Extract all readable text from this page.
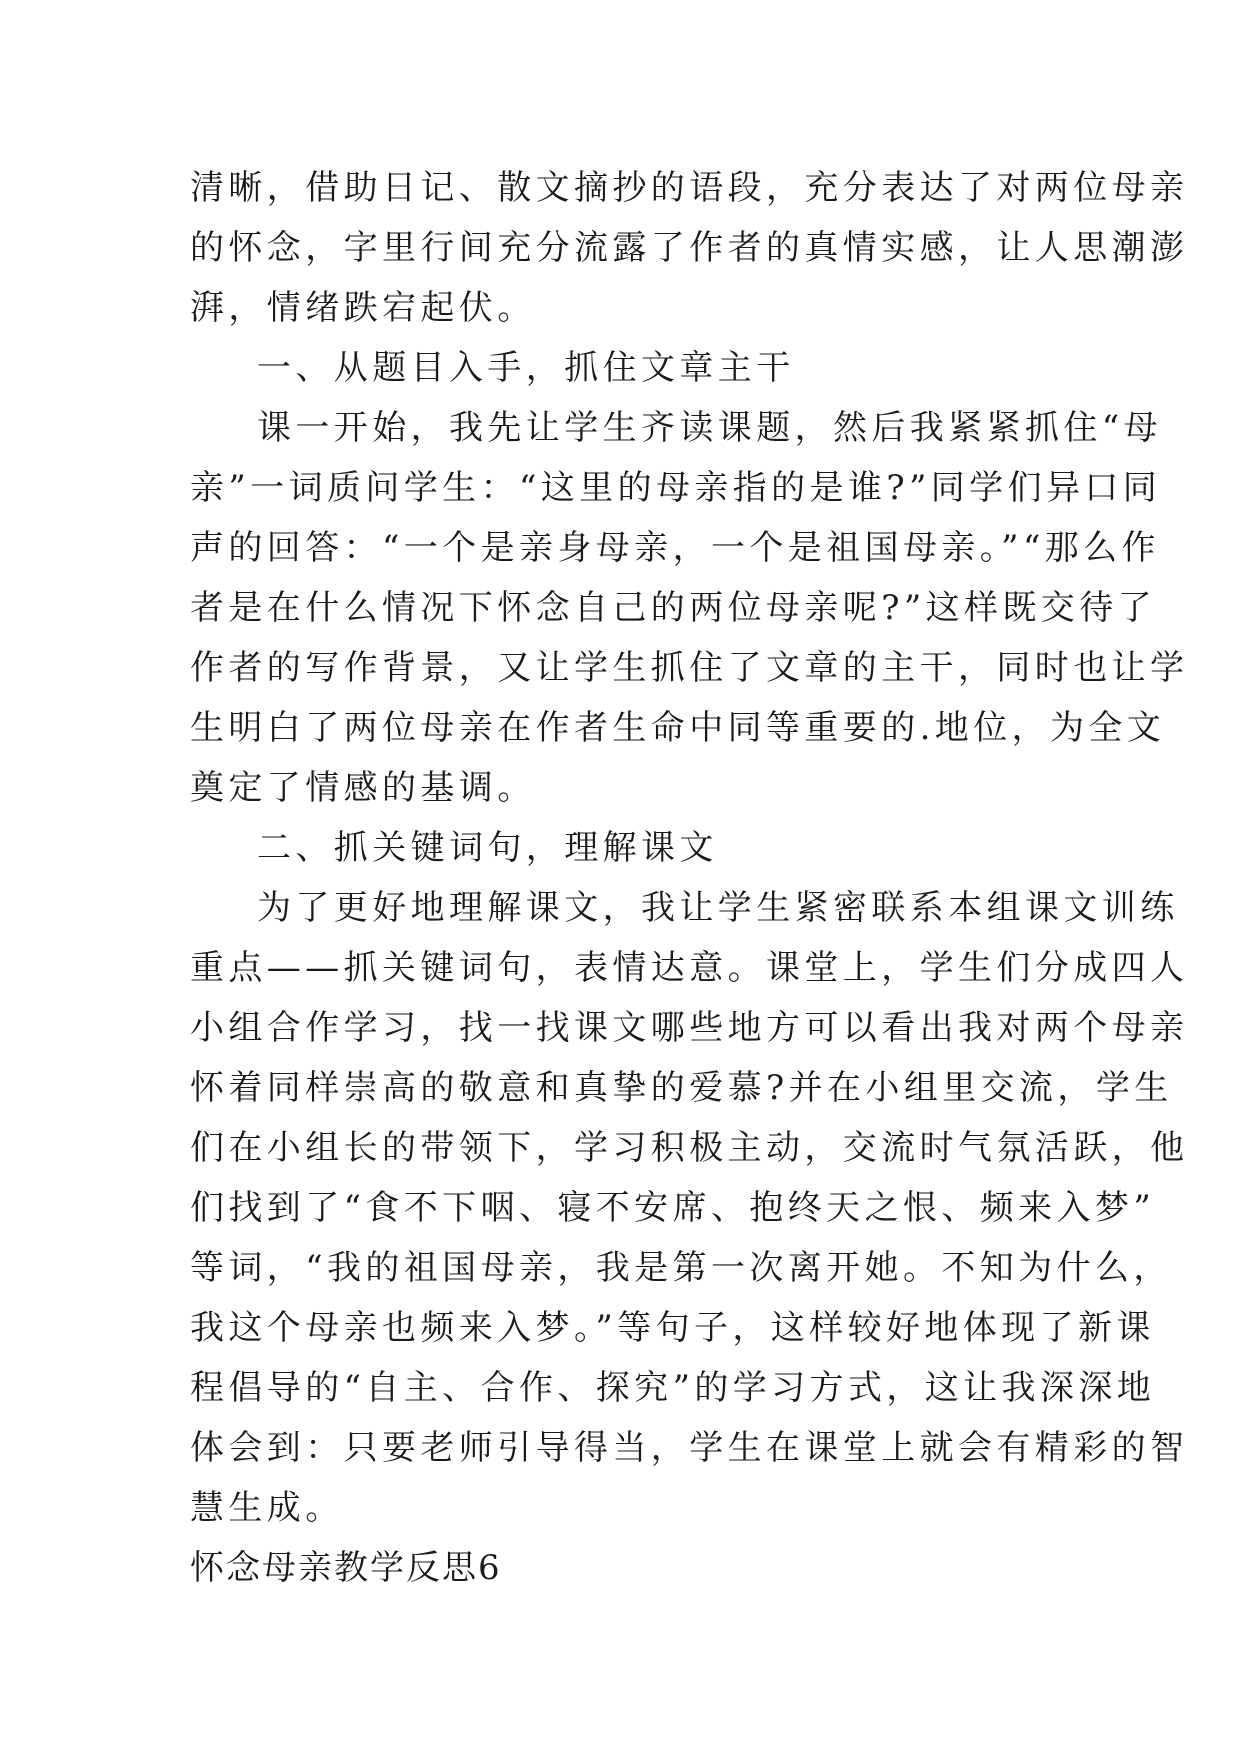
清晰，借助日记、散文摘抄的语段，充分表达了对两位母亲
的怀念，字里行间充分流露了作者的真情实感，让人思潮澎
湃，情绪跌宕起伏。
一、从题目入手，抓住文章主干
课一开始，我先让学生齐读课题，然后我紧紧抓住“母
亲”一词质问学生：“这里的母亲指的是谁?”同学们异口同
声的回答：“一个是亲身母亲，一个是祖国母亲。”“那么作
者是在什么情况下怀念自己的两位母亲呢?”这样既交待了
作者的写作背景，又让学生抓住了文章的主干，同时也让学
生明白了两位母亲在作者生命中同等重要的.地位，为全文
奠定了情感的基调。
二、抓关键词句，理解课文
为了更好地理解课文，我让学生紧密联系本组课文训练
重点——抓关键词句，表情达意。课堂上，学生们分成四人
小组合作学习，找一找课文哪些地方可以看出我对两个母亲
怀着同样崇高的敬意和真挚的爱慕?并在小组里交流，学生
们在小组长的带领下，学习积极主动，交流时气氛活跃，他
们找到了“食不下咽、寝不安席、抱终天之恨、频来入梦”
等词，“我的祖国母亲，我是第一次离开她。不知为什么，
我这个母亲也频来入梦。”等句子，这样较好地体现了新课
程倡导的“自主、合作、探究”的学习方式，这让我深深地
体会到：只要老师引导得当，学生在课堂上就会有精彩的智
慧生成。
怀念母亲教学反思6
